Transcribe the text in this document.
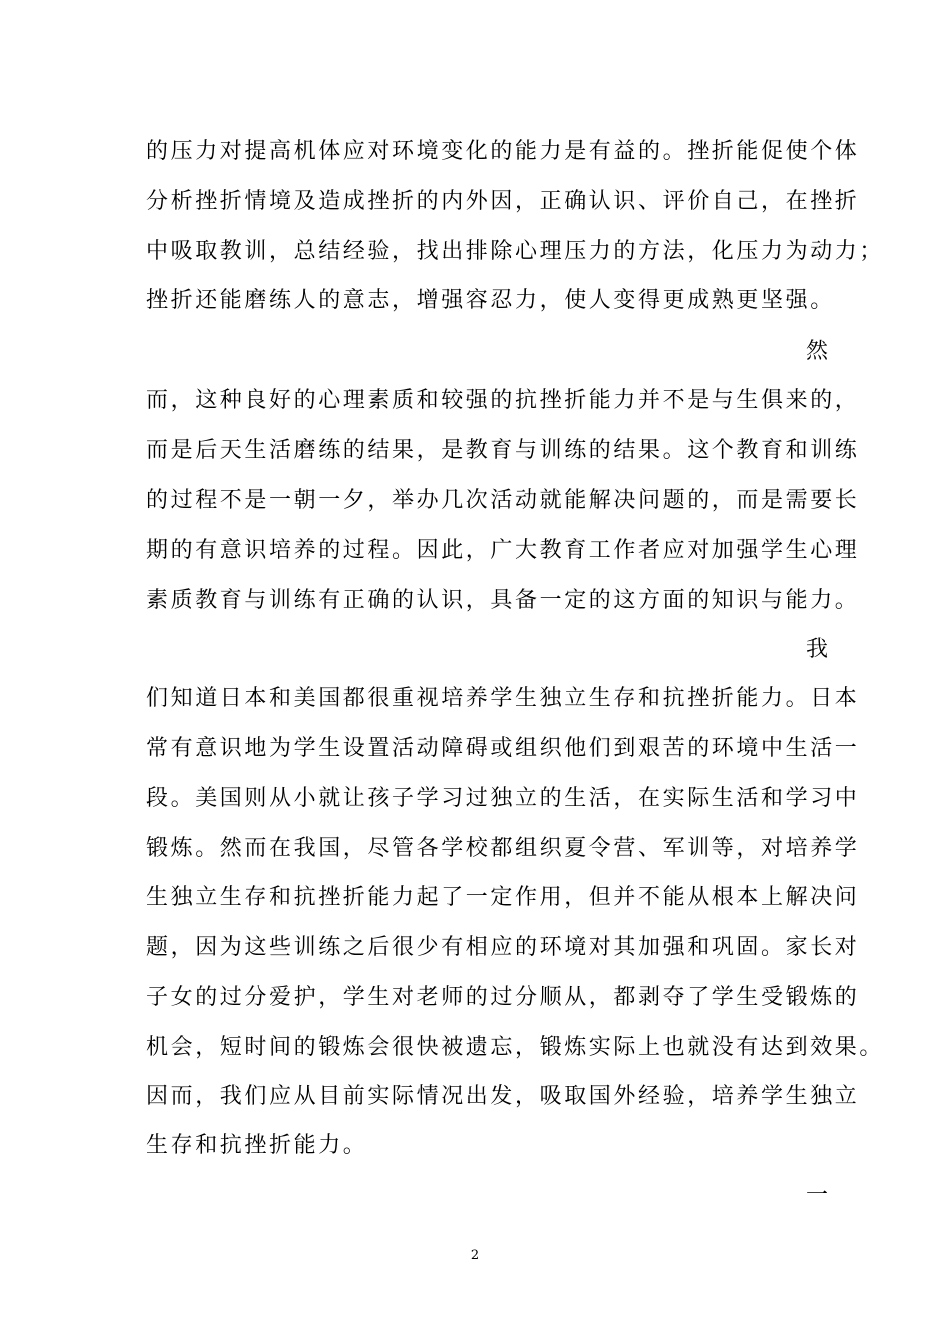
的压力对提高机体应对环境变化的能力是有益的。挫折能促使个体
分析挫折情境及造成挫折的内外因，正确认识、评价自己，在挫折
中吸取教训，总结经验，找出排除心理压力的方法，化压力为动力；
挫折还能磨练人的意志，增强容忍力，使人变得更成熟更坚强。
然
而，这种良好的心理素质和较强的抗挫折能力并不是与生俱来的，
而是后天生活磨练的结果，是教育与训练的结果。这个教育和训练
的过程不是一朝一夕，举办几次活动就能解决问题的，而是需要长
期的有意识培养的过程。因此，广大教育工作者应对加强学生心理
素质教育与训练有正确的认识，具备一定的这方面的知识与能力。
我
们知道日本和美国都很重视培养学生独立生存和抗挫折能力。日本
常有意识地为学生设置活动障碍或组织他们到艰苦的环境中生活一
段。美国则从小就让孩子学习过独立的生活，在实际生活和学习中
锻炼。然而在我国，尽管各学校都组织夏令营、军训等，对培养学
生独立生存和抗挫折能力起了一定作用，但并不能从根本上解决问
题，因为这些训练之后很少有相应的环境对其加强和巩固。家长对
子女的过分爱护，学生对老师的过分顺从，都剥夺了学生受锻炼的
机会，短时间的锻炼会很快被遗忘，锻炼实际上也就没有达到效果。
因而，我们应从目前实际情况出发，吸取国外经验，培养学生独立
生存和抗挫折能力。
一
2
